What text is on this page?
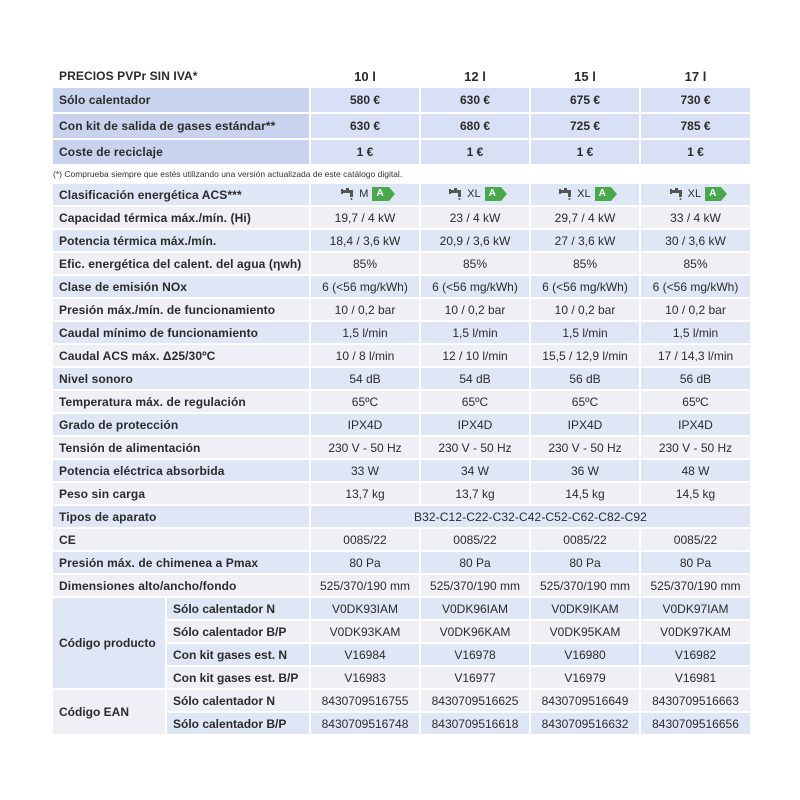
PRECIOS PVPr SIN IVA*		10 l	12 l	15 l	17 l
Sólo calentador		580 €	630 €	675 €	730 €
Con kit de salida de gases estándar**		630 €	680 €	725 €	785 €
Coste de reciclaje		1 €	1 €	1 €	1 €
(*) Comprueba siempre que estés utilizando una versión actualizada de este catálogo digital.					
Clasificación energética ACS***		M A	XL A	XL A	XL A

Capacidad térmica máx./mín. (Hi)		19,7 / 4 kW	23 / 4 kW	29,7 / 4 kW	33 / 4 kW
Potencia térmica máx./mín.		18,4 / 3,6 kW	20,9 / 3,6 kW	27 / 3,6 kW	30 / 3,6 kW
Efic. energética del calent. del agua (ηwh)		85%	85%	85%	85%
Clase de emisión NOx		6 (<56 mg/kWh)	6 (<56 mg/kWh)	6 (<56 mg/kWh)	6 (<56 mg/kWh)
Presión máx./mín. de funcionamiento		10 / 0,2 bar	10 / 0,2 bar	10 / 0,2 bar	10 / 0,2 bar
Caudal mínimo de funcionamiento		1,5 l/min	1,5 l/min	1,5 l/min	1,5 l/min
Caudal ACS máx. Δ25/30ºC		10 / 8 l/min	12 / 10 l/min	15,5 / 12,9 l/min	17 / 14,3 l/min
Nivel sonoro		54 dB	54 dB	56 dB	56 dB
Temperatura máx. de regulación		65ºC	65ºC	65ºC	65ºC
Grado de protección		IPX4D	IPX4D	IPX4D	IPX4D
Tensión de alimentación		230 V - 50 Hz	230 V - 50 Hz	230 V - 50 Hz	230 V - 50 Hz
Potencia eléctrica absorbida		33 W	34 W	36 W	48 W
Peso sin carga		13,7 kg	13,7 kg	14,5 kg	14,5 kg
Tipos de aparato		B32-C12-C22-C32-C42-C52-C62-C82-C92			
CE		0085/22	0085/22	0085/22	0085/22
Presión máx. de chimenea a Pmax		80 Pa	80 Pa	80 Pa	80 Pa
Dimensiones alto/ancho/fondo		525/370/190 mm	525/370/190 mm	525/370/190 mm	525/370/190 mm
Código producto	Sólo calentador N	V0DK93IAM	V0DK96IAM	V0DK9IKAM	V0DK97IAM
	Sólo calentador B/P	V0DK93KAM	V0DK96KAM	V0DK95KAM	V0DK97KAM
	Con kit gases est. N	V16984	V16978	V16980	V16982
	Con kit gases est. B/P	V16983	V16977	V16979	V16981
Código EAN	Sólo calentador N	8430709516755	8430709516625	8430709516649	8430709516663
	Sólo calentador B/P	8430709516748	8430709516618	8430709516632	8430709516656
